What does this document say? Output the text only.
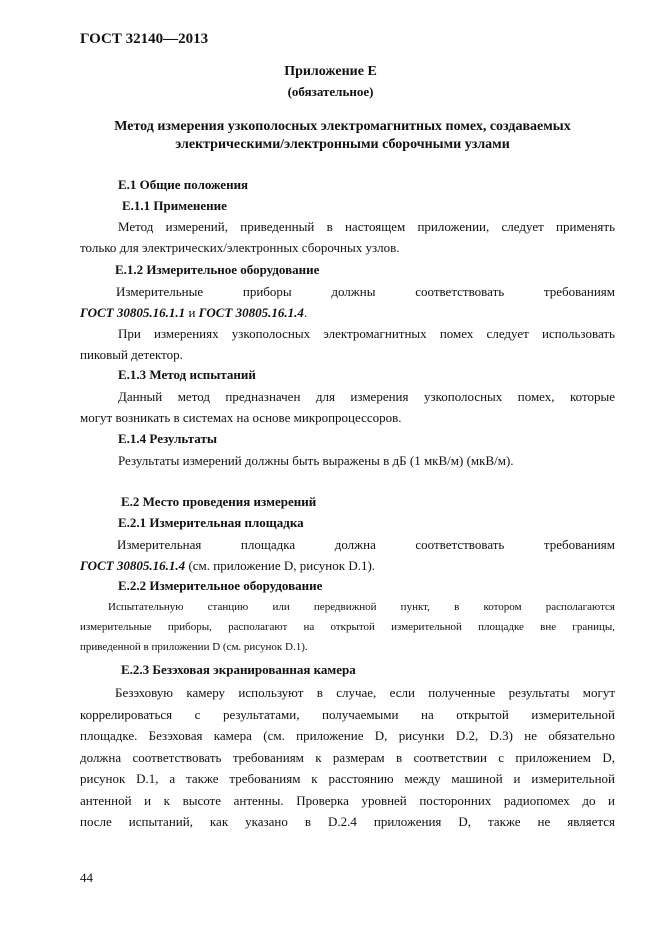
ГОСТ 32140—2013
Приложение Е
(обязательное)
Метод измерения узкополосных электромагнитных помех, создаваемых
электрическими/электронными сборочными узлами
Е.1 Общие положения
Е.1.1 Применение
Метод измерений, приведенный в настоящем приложении, следует применять
только для электрических/электронных сборочных узлов.
Е.1.2 Измерительное оборудование
Измерительные приборы должны соответствовать требованиям
ГОСТ 30805.16.1.1 и ГОСТ 30805.16.1.4.
При измерениях узкополосных электромагнитных помех следует использовать
пиковый детектор.
Е.1.3 Метод испытаний
Данный метод предназначен для измерения узкополосных помех, которые
могут возникать в системах на основе микропроцессоров.
Е.1.4 Результаты
Результаты измерений должны быть выражены в дБ (1 мкВ/м) (мкВ/м).
Е.2 Место проведения измерений
Е.2.1 Измерительная площадка
Измерительная площадка должна соответствовать требованиям
ГОСТ 30805.16.1.4 (см. приложение D, рисунок D.1).
Е.2.2 Измерительное оборудование
Испытательную станцию или передвижной пункт, в котором располагаются
измерительные приборы, располагают на открытой измерительной площадке вне границы,
приведенной в приложении D (см. рисунок D.1).
Е.2.3 Безэховая экранированная камера
Безэховую камеру используют в случае, если полученные результаты могут
коррелироваться с результатами, получаемыми на открытой измерительной
площадке. Безэховая камера (см. приложение D, рисунки D.2, D.3) не обязательно
должна соответствовать требованиям к размерам в соответствии с приложением D,
рисунок D.1, а также требованиям к расстоянию между машиной и измерительной
антенной и к высоте антенны. Проверка уровней посторонних радиопомех до и
после испытаний, как указано в D.2.4 приложения D, также не является
44
